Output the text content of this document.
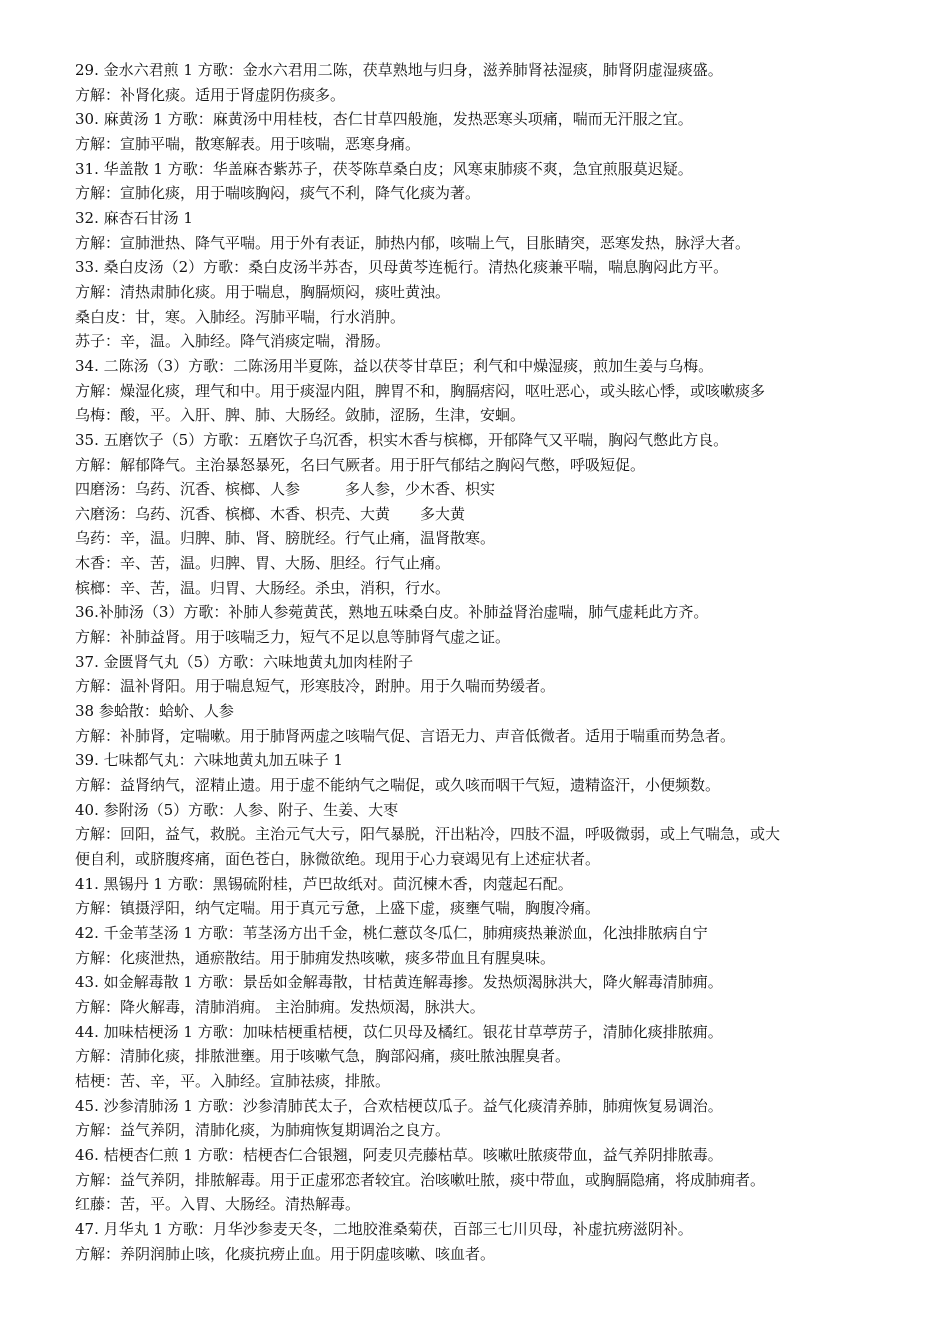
29. 金水六君煎 1 方歌：金水六君用二陈，茯草熟地与归身，滋养肺肾祛湿痰，肺肾阴虚湿痰盛。
方解：补肾化痰。适用于肾虚阴伤痰多。
30. 麻黄汤 1 方歌：麻黄汤中用桂枝，杏仁甘草四般施，发热恶寒头项痛，喘而无汗服之宜。
方解：宣肺平喘，散寒解表。用于咳喘，恶寒身痛。
31. 华盖散 1 方歌：华盖麻杏紫苏子，茯苓陈草桑白皮；风寒束肺痰不爽，急宜煎服莫迟疑。
方解：宣肺化痰，用于喘咳胸闷，痰气不利，降气化痰为著。
32. 麻杏石甘汤 1
方解：宣肺泄热、降气平喘。用于外有表证，肺热内郁，咳喘上气，目胀睛突，恶寒发热，脉浮大者。
33. 桑白皮汤（2）方歌：桑白皮汤半苏杏，贝母黄芩连栀行。清热化痰兼平喘，喘息胸闷此方平。
方解：清热肃肺化痰。用于喘息，胸膈烦闷，痰吐黄浊。
桑白皮：甘，寒。入肺经。泻肺平喘，行水消肿。
苏子：辛，温。入肺经。降气消痰定喘，滑肠。
34. 二陈汤（3）方歌：二陈汤用半夏陈，益以茯苓甘草臣；利气和中燥湿痰，煎加生姜与乌梅。
方解：燥湿化痰，理气和中。用于痰湿内阻，脾胃不和，胸膈痞闷，呕吐恶心，或头眩心悸，或咳嗽痰多
乌梅：酸，平。入肝、脾、肺、大肠经。敛肺，涩肠，生津，安蛔。
35. 五磨饮子（5）方歌：五磨饮子乌沉香，枳实木香与槟榔，开郁降气又平喘，胸闷气憋此方良。
方解：解郁降气。主治暴怒暴死，名曰气厥者。用于肝气郁结之胸闷气憋，呼吸短促。
四磨汤：乌药、沉香、槟榔、人参　　　多人参，少木香、枳实
六磨汤：乌药、沉香、槟榔、木香、枳壳、大黄　　多大黄
乌药：辛，温。归脾、肺、肾、膀胱经。行气止痛，温肾散寒。
木香：辛、苦，温。归脾、胃、大肠、胆经。行气止痛。
槟榔：辛、苦，温。归胃、大肠经。杀虫，消积，行水。
36.补肺汤（3）方歌：补肺人参菀黄芪，熟地五味桑白皮。补肺益肾治虚喘，肺气虚耗此方齐。
方解：补肺益肾。用于咳喘乏力，短气不足以息等肺肾气虚之证。
37. 金匮肾气丸（5）方歌：六味地黄丸加肉桂附子
方解：温补肾阳。用于喘息短气，形寒肢冷，跗肿。用于久喘而势缓者。
38 参蛤散：蛤蚧、人参
方解：补肺肾，定喘嗽。用于肺肾两虚之咳喘气促、言语无力、声音低微者。适用于喘重而势急者。
39. 七味都气丸：六味地黄丸加五味子 1
方解：益肾纳气，涩精止遗。用于虚不能纳气之喘促，或久咳而咽干气短，遗精盗汗，小便频数。
40. 参附汤（5）方歌：人参、附子、生姜、大枣
方解：回阳，益气，救脱。主治元气大亏，阳气暴脱，汗出粘冷，四肢不温，呼吸微弱，或上气喘急，或大
便自利，或脐腹疼痛，面色苍白，脉微欲绝。现用于心力衰竭见有上述症状者。
41. 黑锡丹 1 方歌：黑锡硫附桂，芦巴故纸对。茴沉楝木香，肉蔻起石配。
方解：镇摄浮阳，纳气定喘。用于真元亏惫，上盛下虚，痰壅气喘，胸腹冷痛。
42. 千金苇茎汤 1 方歌：苇茎汤方出千金，桃仁薏苡冬瓜仁，肺痈痰热兼淤血，化浊排脓病自宁
方解：化痰泄热，通瘀散结。用于肺痈发热咳嗽，痰多带血且有腥臭味。
43. 如金解毒散 1 方歌：景岳如金解毒散，甘桔黄连解毒掺。发热烦渴脉洪大，降火解毒清肺痈。
方解：降火解毒，清肺消痈。 主治肺痈。发热烦渴，脉洪大。
44. 加味桔梗汤 1 方歌：加味桔梗重桔梗，苡仁贝母及橘红。银花甘草葶苈子，清肺化痰排脓痈。
方解：清肺化痰，排脓泄壅。用于咳嗽气急，胸部闷痛，痰吐脓浊腥臭者。
桔梗：苦、辛，平。入肺经。宣肺祛痰，排脓。
45. 沙参清肺汤 1 方歌：沙参清肺芪太子，合欢桔梗苡瓜子。益气化痰清养肺，肺痈恢复易调治。
方解：益气养阴，清肺化痰，为肺痈恢复期调治之良方。
46. 桔梗杏仁煎 1 方歌：桔梗杏仁合银翘，阿麦贝壳藤枯草。咳嗽吐脓痰带血，益气养阴排脓毒。
方解：益气养阴，排脓解毒。用于正虚邪恋者较宜。治咳嗽吐脓，痰中带血，或胸膈隐痛，将成肺痈者。
红藤：苦，平。入胃、大肠经。清热解毒。
47. 月华丸 1 方歌：月华沙参麦天冬，二地胶淮桑菊茯，百部三七川贝母，补虚抗痨滋阴补。
方解：养阴润肺止咳，化痰抗痨止血。用于阴虚咳嗽、咳血者。
